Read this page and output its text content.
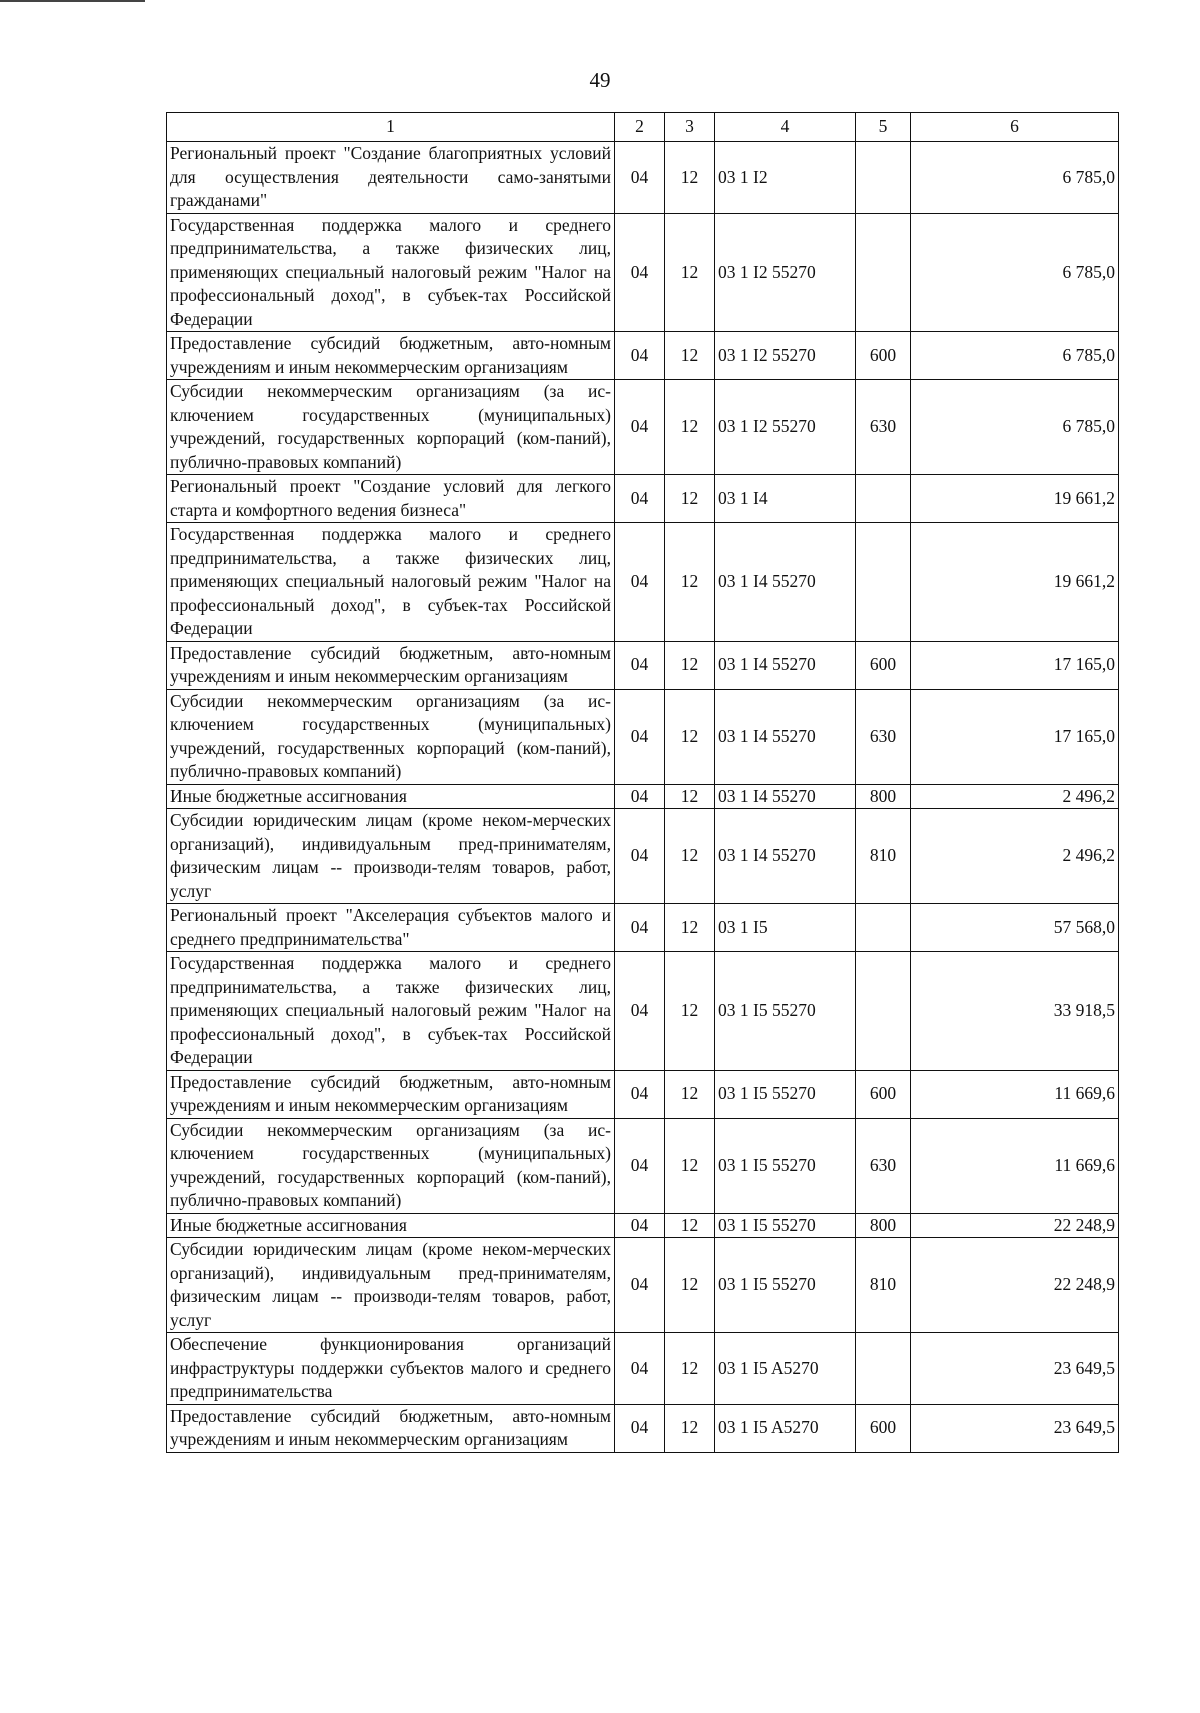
49
1	2	3	4	5	6
Региональный проект "Создание благоприятных условий для осуществления деятельности само-занятыми гражданами"	04	12	03 1 I2		6 785,0
Государственная поддержка малого и среднего предпринимательства, а также физических лиц, применяющих специальный налоговый режим "Налог на профессиональный доход", в субъек-тах Российской Федерации	04	12	03 1 I2 55270		6 785,0
Предоставление субсидий бюджетным, авто-номным учреждениям и иным некоммерческим организациям	04	12	03 1 I2 55270	600	6 785,0
Субсидии некоммерческим организациям (за ис-ключением государственных (муниципальных) учреждений, государственных корпораций (ком-паний), публично-правовых компаний)	04	12	03 1 I2 55270	630	6 785,0
Региональный проект "Создание условий для легкого старта и комфортного ведения бизнеса"	04	12	03 1 I4		19 661,2
Государственная поддержка малого и среднего предпринимательства, а также физических лиц, применяющих специальный налоговый режим "Налог на профессиональный доход", в субъек-тах Российской Федерации	04	12	03 1 I4 55270		19 661,2
Предоставление субсидий бюджетным, авто-номным учреждениям и иным некоммерческим организациям	04	12	03 1 I4 55270	600	17 165,0
Субсидии некоммерческим организациям (за ис-ключением государственных (муниципальных) учреждений, государственных корпораций (ком-паний), публично-правовых компаний)	04	12	03 1 I4 55270	630	17 165,0
Иные бюджетные ассигнования	04	12	03 1 I4 55270	800	2 496,2
Субсидии юридическим лицам (кроме неком-мерческих организаций), индивидуальным пред-принимателям, физическим лицам -- производи-телям товаров, работ, услуг	04	12	03 1 I4 55270	810	2 496,2
Региональный проект "Акселерация субъектов малого и среднего предпринимательства"	04	12	03 1 I5		57 568,0
Государственная поддержка малого и среднего предпринимательства, а также физических лиц, применяющих специальный налоговый режим "Налог на профессиональный доход", в субъек-тах Российской Федерации	04	12	03 1 I5 55270		33 918,5
Предоставление субсидий бюджетным, авто-номным учреждениям и иным некоммерческим организациям	04	12	03 1 I5 55270	600	11 669,6
Субсидии некоммерческим организациям (за ис-ключением государственных (муниципальных) учреждений, государственных корпораций (ком-паний), публично-правовых компаний)	04	12	03 1 I5 55270	630	11 669,6
Иные бюджетные ассигнования	04	12	03 1 I5 55270	800	22 248,9
Субсидии юридическим лицам (кроме неком-мерческих организаций), индивидуальным пред-принимателям, физическим лицам -- производи-телям товаров, работ, услуг	04	12	03 1 I5 55270	810	22 248,9
Обеспечение функционирования организаций инфраструктуры поддержки субъектов малого и среднего предпринимательства	04	12	03 1 I5 A5270		23 649,5
Предоставление субсидий бюджетным, авто-номным учреждениям и иным некоммерческим организациям	04	12	03 1 I5 A5270	600	23 649,5
